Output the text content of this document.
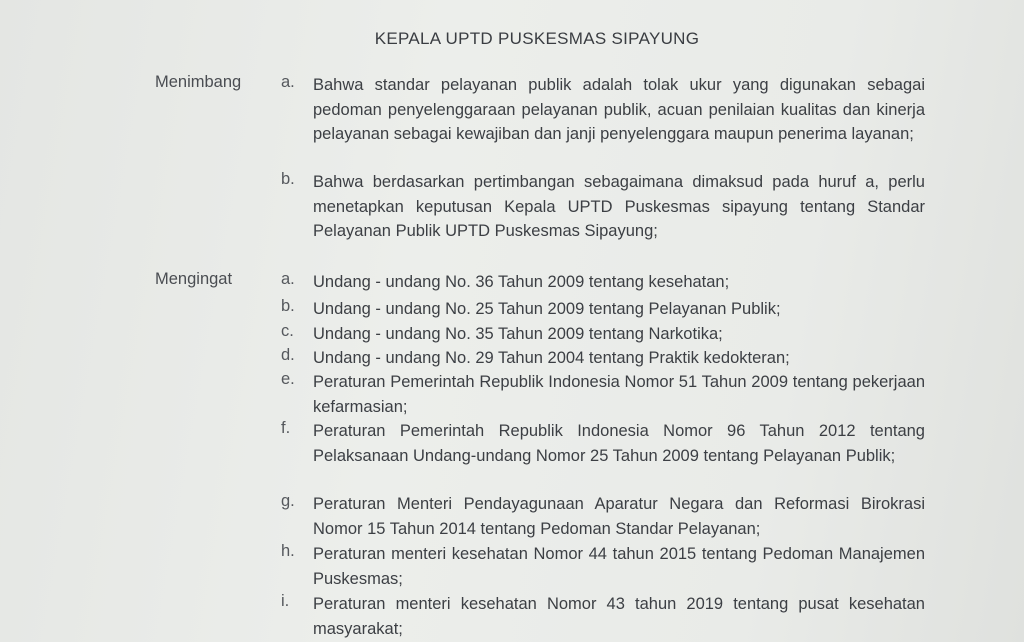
KEPALA UPTD PUSKESMAS SIPAYUNG
Menimbang a.	Bahwa standar pelayanan publik adalah tolak ukur yang digunakan sebagai pedoman penyelenggaraan pelayanan publik, acuan penilaian kualitas dan kinerja pelayanan sebagai kewajiban dan janji penyelenggara maupun penerima layanan;
b.	Bahwa berdasarkan pertimbangan sebagaimana dimaksud pada huruf a, perlu menetapkan keputusan Kepala UPTD Puskesmas sipayung tentang Standar Pelayanan Publik UPTD Puskesmas Sipayung;
Mengingat	a.	Undang - undang No. 36 Tahun 2009 tentang kesehatan;
b.	Undang - undang No. 25 Tahun 2009 tentang Pelayanan Publik;
c.	Undang - undang No. 35 Tahun 2009 tentang Narkotika;
d.	Undang - undang No. 29 Tahun 2004 tentang Praktik kedokteran;
e.	Peraturan Pemerintah Republik Indonesia Nomor 51 Tahun 2009 tentang pekerjaan kefarmasian;
f.	Peraturan Pemerintah Republik Indonesia Nomor 96 Tahun 2012 tentang Pelaksanaan Undang-undang Nomor 25 Tahun 2009 tentang Pelayanan Publik;
g.	Peraturan Menteri Pendayagunaan Aparatur Negara dan Reformasi Birokrasi Nomor 15 Tahun 2014 tentang Pedoman Standar Pelayanan;
h.	Peraturan menteri kesehatan Nomor 44 tahun 2015 tentang Pedoman Manajemen Puskesmas;
i.	Peraturan menteri kesehatan Nomor 43 tahun 2019 tentang pusat kesehatan masyarakat;
